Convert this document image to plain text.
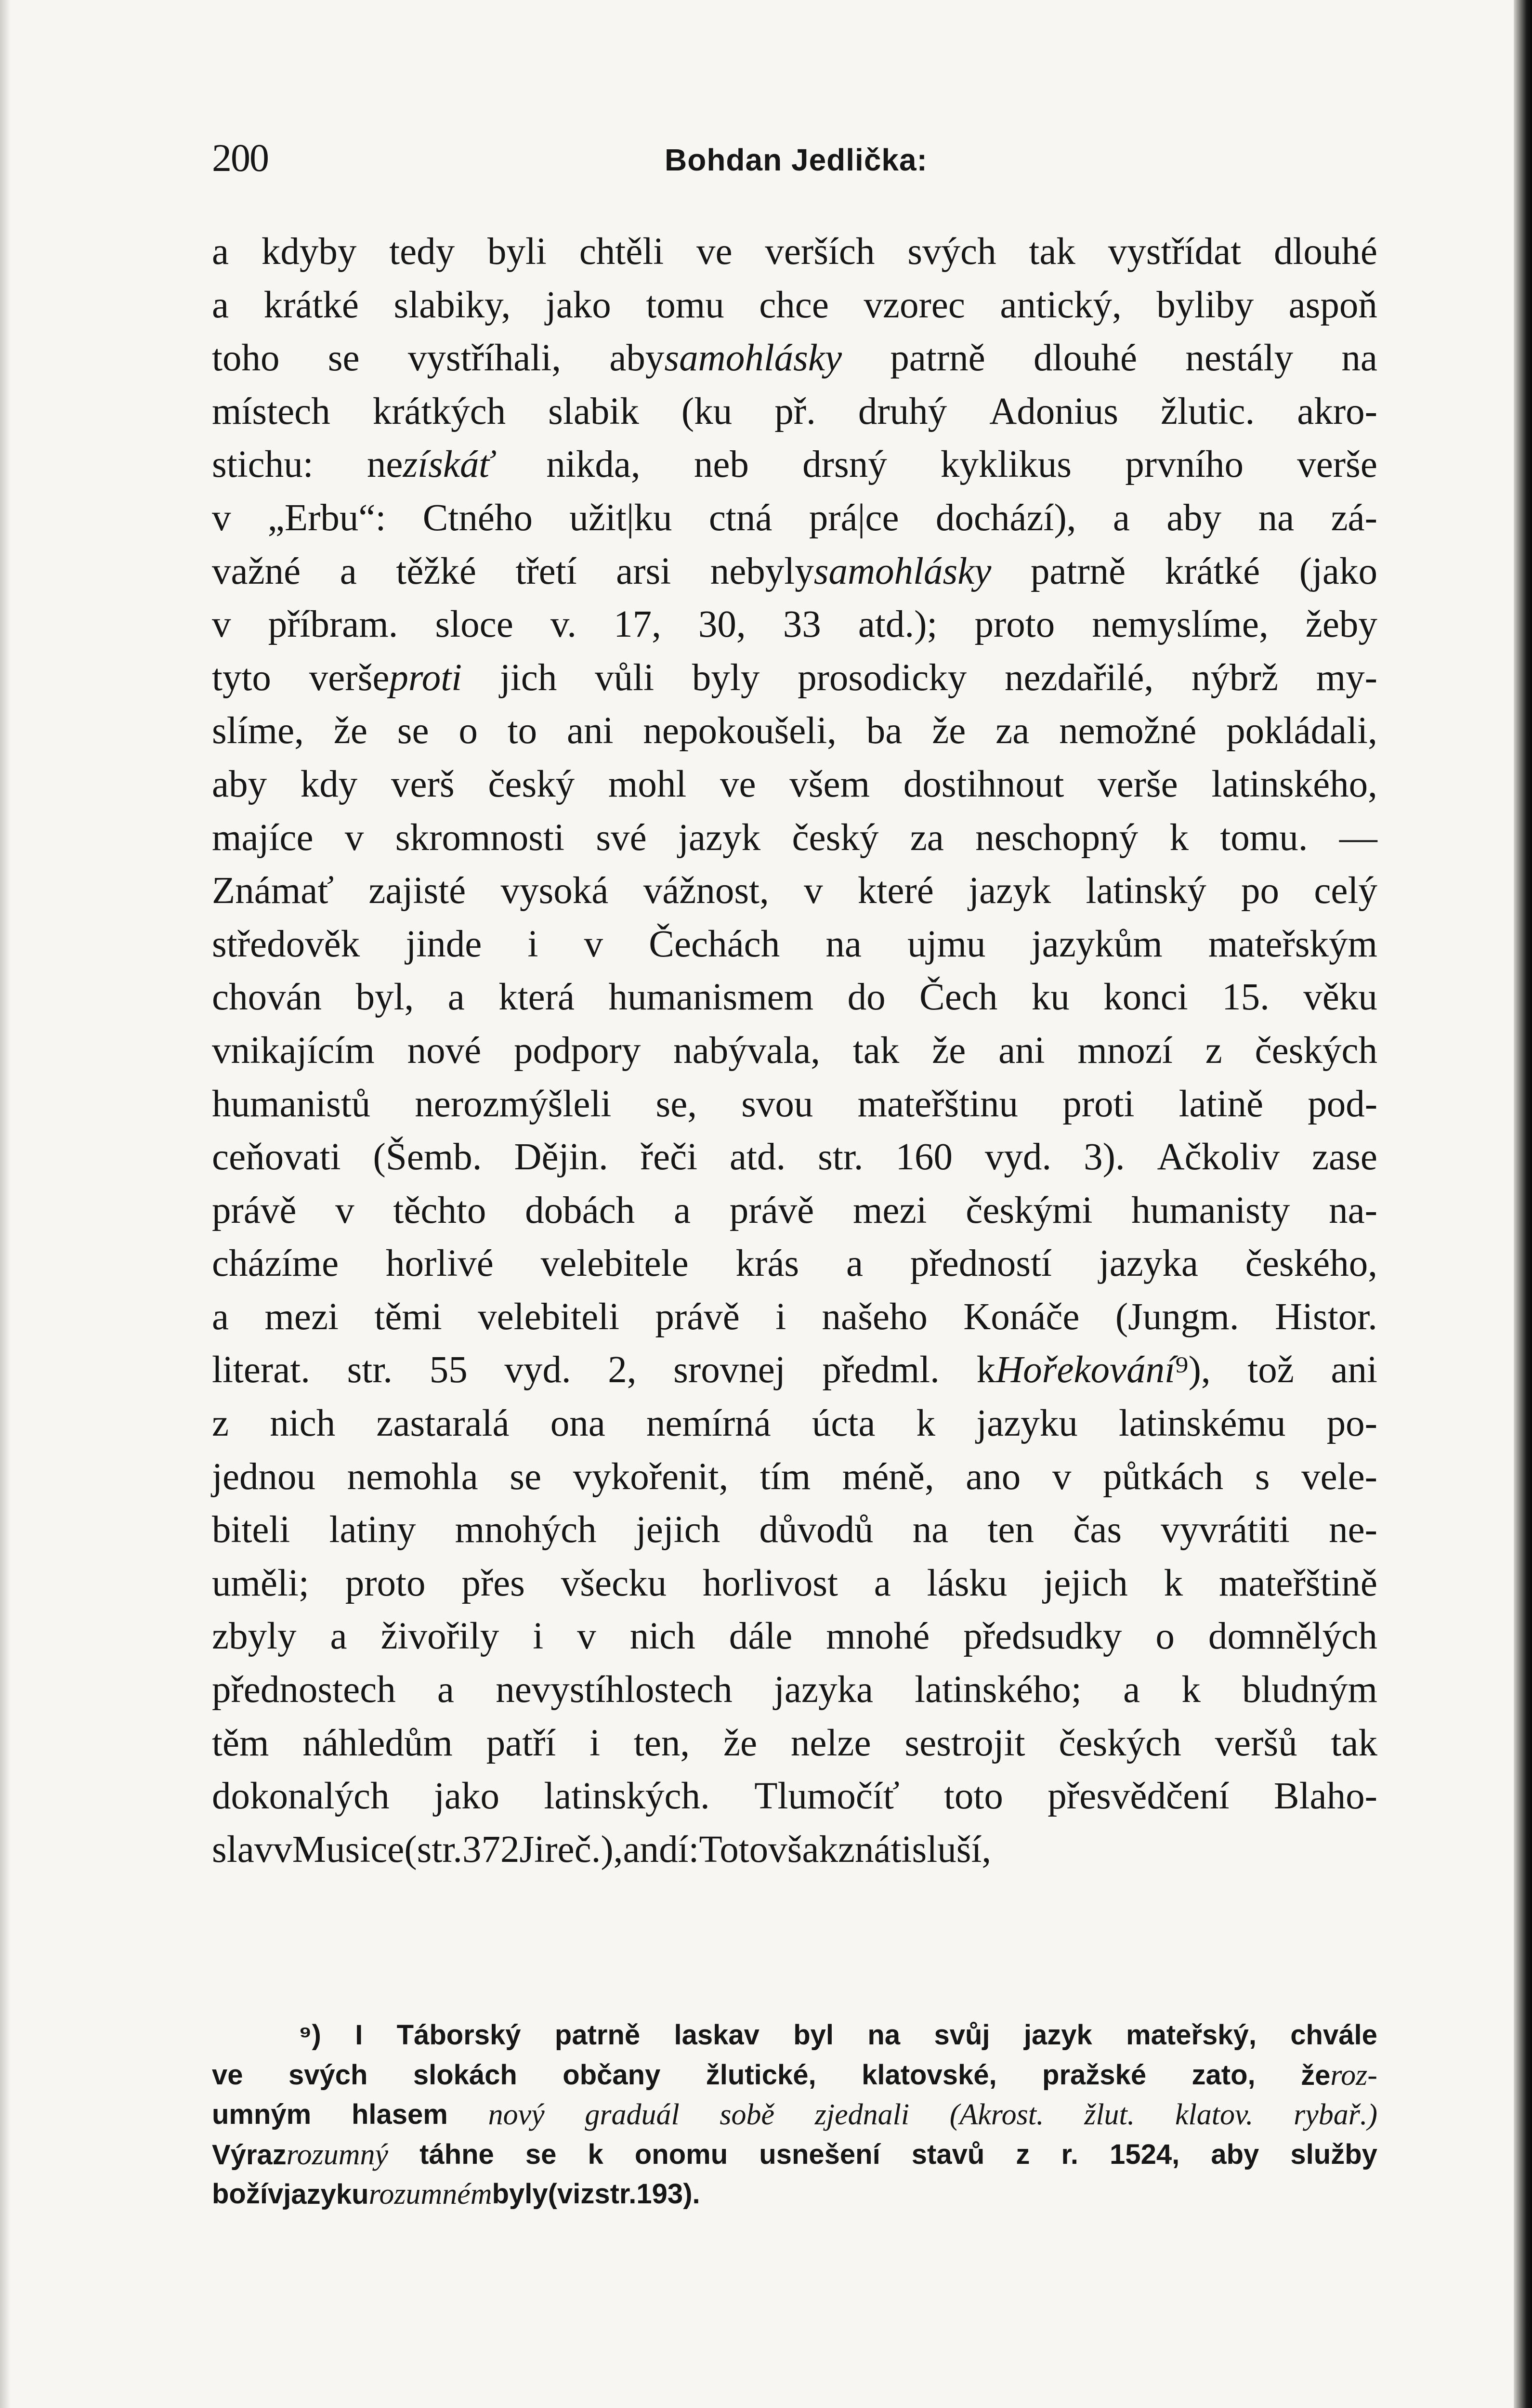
200	Bohdan Jedlička:
a kdyby tedy byli chtěli ve verších svých tak vystřídat dlouhé
a krátké slabiky, jako tomu chce vzorec antický, byliby aspoň
toho se vystříhali, abysamohlásky patrně dlouhé nestály na
místech krátkých slabik (ku př. druhý Adonius žlutic. akro-
stichu: nezískáť nikda, neb drsný kyklikus prvního verše
v „Erbu“: Ctného užit|ku ctná prá|ce dochází), a aby na zá-
važné a těžké třetí arsi nebylysamohlásky patrně krátké (jako
v příbram. sloce v. 17, 30, 33 atd.); proto nemyslíme, žeby
tyto veršeproti jich vůli byly prosodicky nezdařilé, nýbrž my-
slíme, že se o to ani nepokoušeli, ba že za nemožné pokládali,
aby kdy verš český mohl ve všem dostihnout verše latinského,
majíce v skromnosti své jazyk český za neschopný k tomu. —
Známať zajisté vysoká vážnost, v které jazyk latinský po celý
středověk jinde i v Čechách na ujmu jazykům mateřským
chován byl, a která humanismem do Čech ku konci 15. věku
vnikajícím nové podpory nabývala, tak že ani mnozí z českých
humanistů nerozmýšleli se, svou mateřštinu proti latině pod-
ceňovati (Šemb. Dějin. řeči atd. str. 160 vyd. 3). Ačkoliv zase
právě v těchto dobách a právě mezi českými humanisty na-
cházíme horlivé velebitele krás a předností jazyka českého,
a mezi těmi velebiteli právě i našeho Konáče (Jungm. Histor.
literat. str. 55 vyd. 2, srovnej předml. kHořekování⁹), tož ani
z nich zastaralá ona nemírná úcta k jazyku latinskému po-
jednou nemohla se vykořenit, tím méně, ano v půtkách s vele-
biteli latiny mnohých jejich důvodů na ten čas vyvrátiti ne-
uměli; proto přes všecku horlivost a lásku jejich k mateřštině
zbyly a živořily i v nich dále mnohé předsudky o domnělých
přednostech a nevystíhlostech jazyka latinského; a k bludným
těm náhledům patří i ten, že nelze sestrojit českých veršů tak
dokonalých jako latinských. Tlumočíť toto přesvědčení Blaho-
slav v Musice (str. 372 Jireč.), an dí: Toto však znáti sluší,
⁹) I Táborský patrně laskav byl na svůj jazyk mateřský, chvále
ve svých slokách občany žlutické, klatovské, pražské zato, žeroz-
umným hlasem nový graduál sobě zjednali (Akrost. žlut. klatov. rybař.)
Výrazrozumný táhne se k onomu usnešení stavů z r. 1524, aby služby
boží v jazykurozumném byly (viz str. 193).
